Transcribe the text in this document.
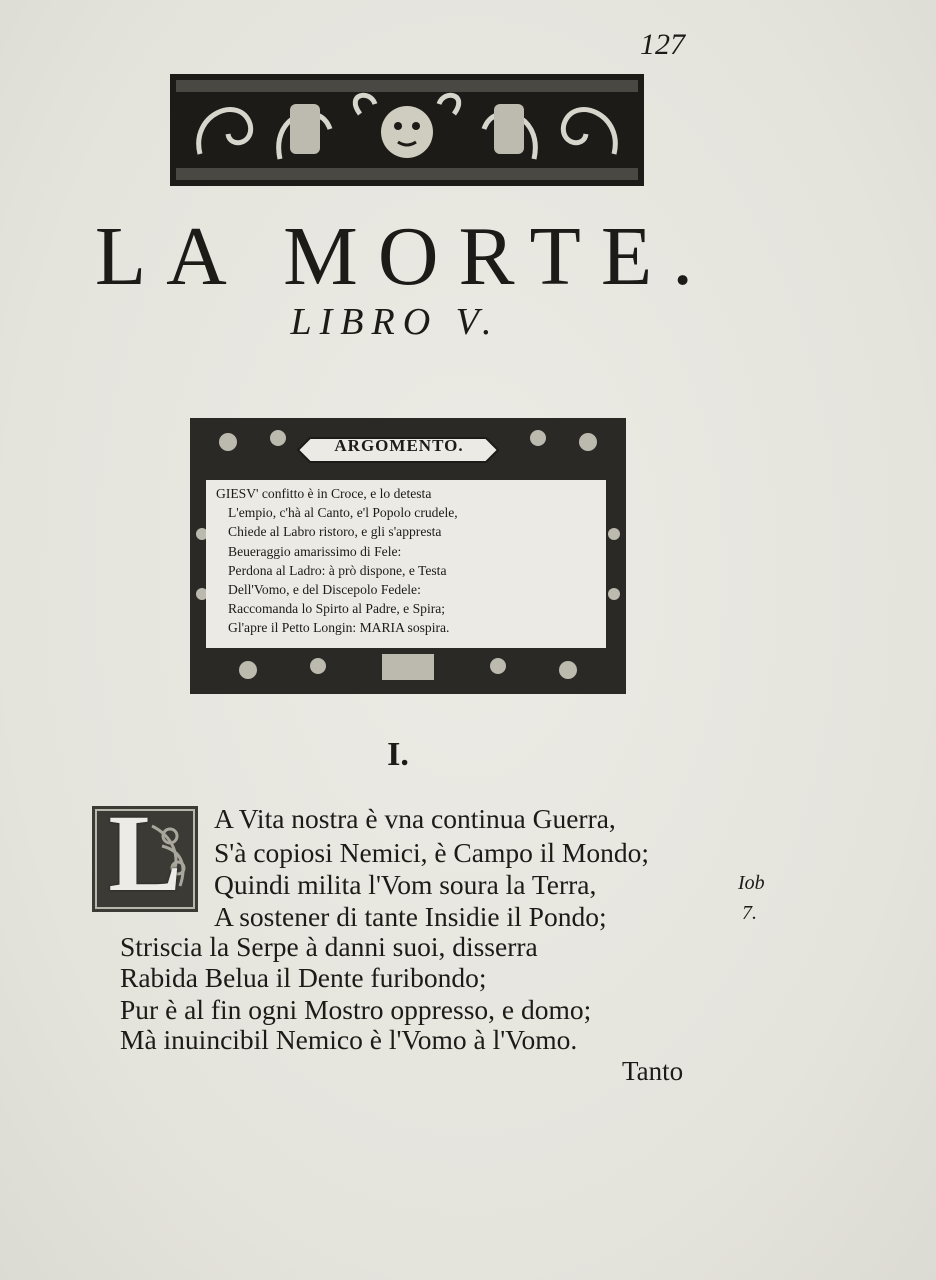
127
LA MORTE.
LIBRO V.
ARGOMENTO.
GIESV' confitto è in Croce, e lo detesta
L'empio, c'hà al Canto, e'l Popolo crudele,
Chiede al Labro ristoro, e gli s'appresta
Beueraggio amarissimo di Fele:
Perdona al Ladro: à prò dispone, e Testa
Dell'Vomo, e del Discepolo Fedele:
Raccomanda lo Spirto al Padre, e Spira;
Gl'apre il Petto Longin: MARIA sospira.
I.
L	A Vita nostra è vna continua Guerra,
S'à copiosi Nemici, è Campo il Mondo;
Quindi milita l'Vom soura la Terra,
A sostener di tante Insidie il Pondo;
Striscia la Serpe à danni suoi, disserra
Rabida Belua il Dente furibondo;
Pur è al fin ogni Mostro oppresso, e domo;
Mà inuincibil Nemico è l'Vomo à l'Vomo.
Iob
7.
Tanto
